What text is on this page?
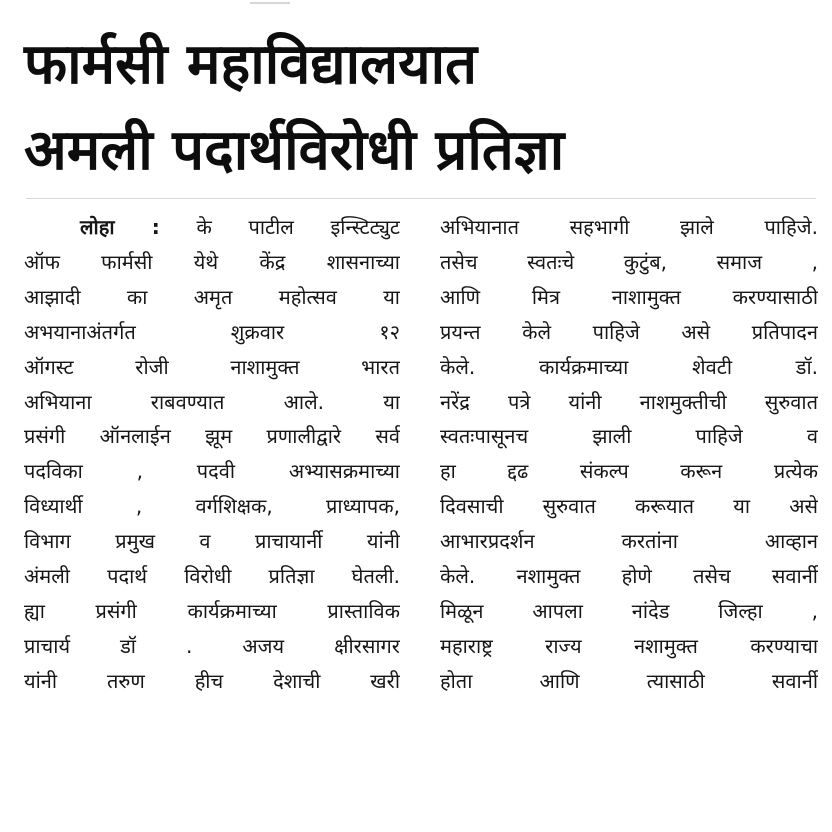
फार्मसी महाविद्यालयात
अमली पदार्थविरोधी प्रतिज्ञा
लोहा : के पाटील इन्स्टिट्युट
ऑफ फार्मसी येथे केंद्र शासनाच्या
आझादी का अमृत महोत्सव या
अभयानाअंतर्गत शुक्रवार १२
ऑगस्ट रोजी नाशामुक्त भारत
अभियाना राबवण्यात आले. या
प्रसंगी ऑनलाईन झूम प्रणालीद्वारे सर्व
पदविका , पदवी अभ्यासक्रमाच्या
विध्यार्थी , वर्गशिक्षक, प्राध्यापक,
विभाग प्रमुख व प्राचायार्नी यांनी
अंमली पदार्थ विरोधी प्रतिज्ञा घेतली.
ह्या प्रसंगी कार्यक्रमाच्या प्रास्ताविक
प्राचार्य डॉ . अजय क्षीरसागर
यांनी तरुण हीच देशाची खरी
अभियानात सहभागी झाले पाहिजे.
तसेच स्वतःचे कुटुंब, समाज ,
आणि मित्र नाशामुक्त करण्यासाठी
प्रयन्त केले पाहिजे असे प्रतिपादन
केले. कार्यक्रमाच्या शेवटी डॉ.
नरेंद्र पत्रे यांनी नाशमुक्तीची सुरुवात
स्वतःपासूनच झाली पाहिजे व
हा द्दढ संकल्प करून प्रत्येक
दिवसाची सुरुवात करूयात या असे
आभारप्रदर्शन करतांना आव्हान
केले. नशामुक्त होणे तसेच सवार्नी
मिळून आपला नांदेड जिल्हा ,
महाराष्ट्र राज्य नशामुक्त करण्याचा
होता आणि त्यासाठी सवार्नी
